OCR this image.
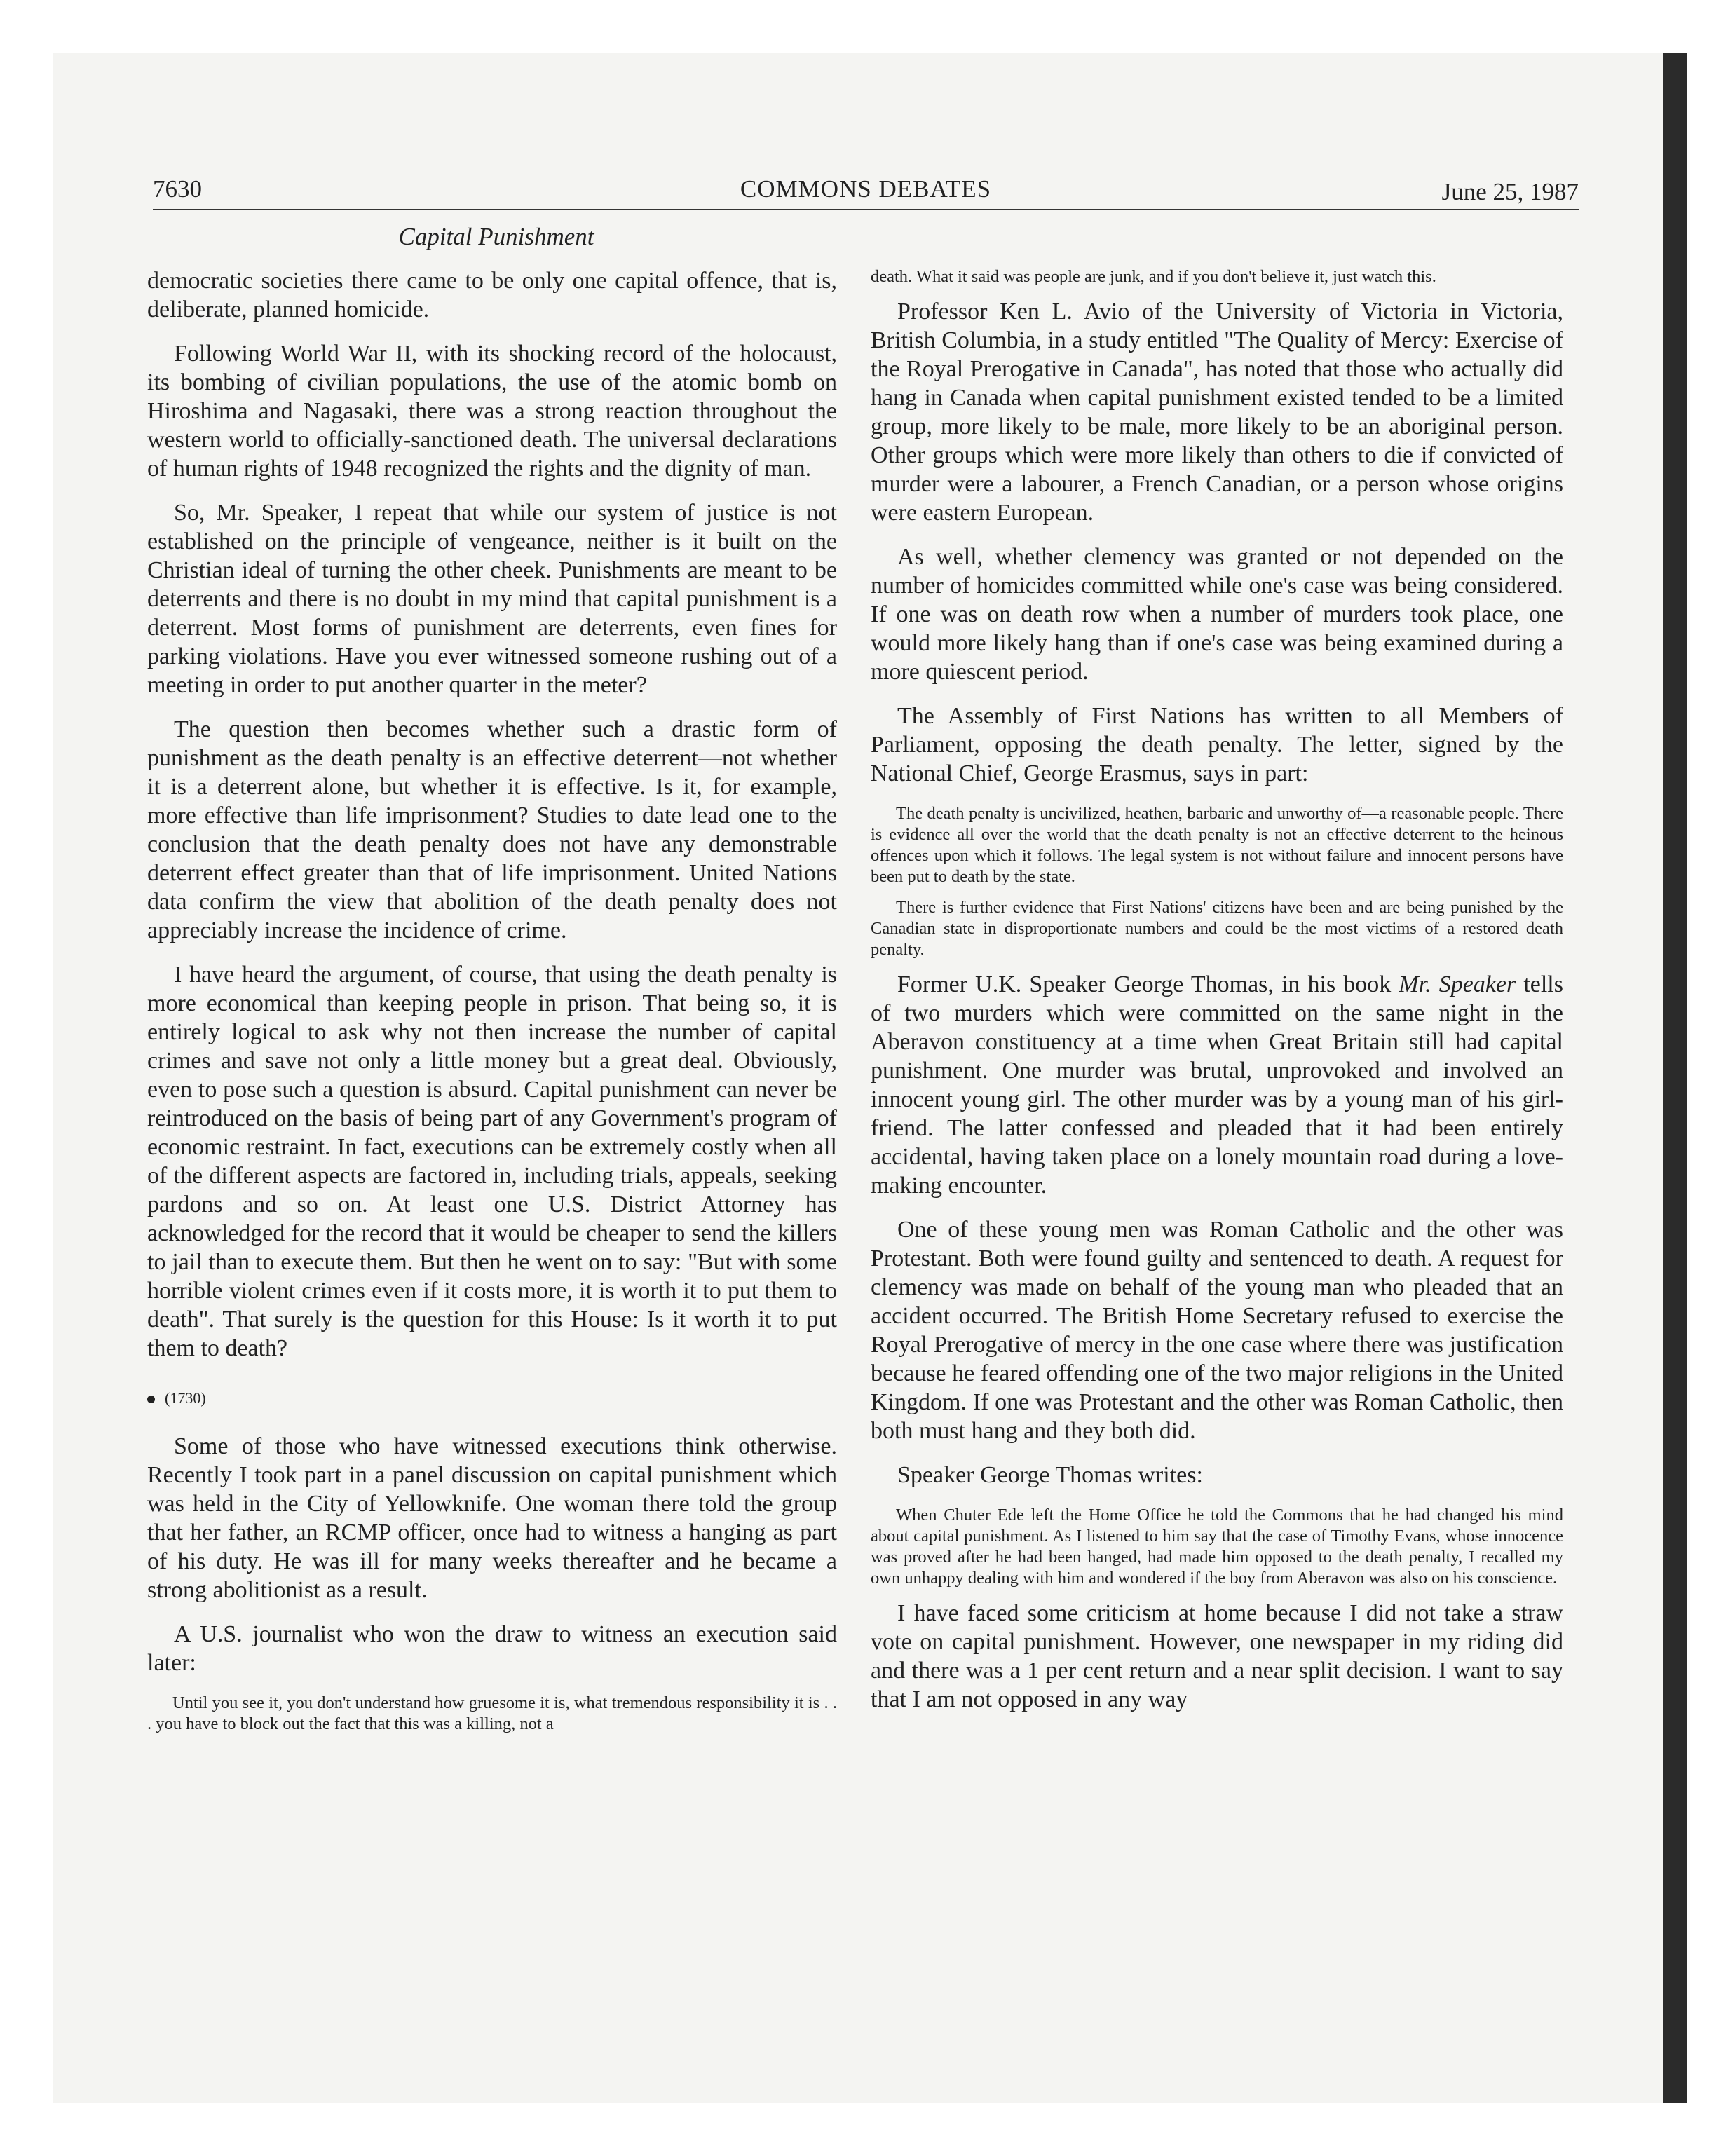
7630	COMMONS DEBATES	June 25, 1987
Capital Punishment

democratic societies there came to be only one capital offence, that is, deliberate, planned homicide.

Following World War II, with its shocking record of the holocaust, its bombing of civilian populations, the use of the atomic bomb on Hiroshima and Nagasaki, there was a strong reaction throughout the western world to officially-sanctioned death. The universal declarations of human rights of 1948 recognized the rights and the dignity of man.

So, Mr. Speaker, I repeat that while our system of justice is not established on the principle of vengeance, neither is it built on the Christian ideal of turning the other cheek. Punishments are meant to be deterrents and there is no doubt in my mind that capital punishment is a deterrent. Most forms of punishment are deterrents, even fines for parking violations. Have you ever witnessed someone rushing out of a meeting in order to put another quarter in the meter?

The question then becomes whether such a drastic form of punishment as the death penalty is an effective deterrent—not whether it is a deterrent alone, but whether it is effective. Is it, for example, more effective than life imprisonment? Studies to date lead one to the conclusion that the death penalty does not have any demonstrable deterrent effect greater than that of life imprisonment. United Nations data confirm the view that abolition of the death penalty does not appreciably increase the incidence of crime.

I have heard the argument, of course, that using the death penalty is more economical than keeping people in prison. That being so, it is entirely logical to ask why not then increase the number of capital crimes and save not only a little money but a great deal. Obviously, even to pose such a question is absurd. Capital punishment can never be reintroduced on the basis of being part of any Government's program of economic restraint. In fact, executions can be extremely costly when all of the different aspects are factored in, including trials, appeals, seeking pardons and so on. At least one U.S. District Attorney has acknowledged for the record that it would be cheaper to send the killers to jail than to execute them. But then he went on to say: "But with some horrible violent crimes even if it costs more, it is worth it to put them to death". That surely is the question for this House: Is it worth it to put them to death?

(1730)

Some of those who have witnessed executions think otherwise. Recently I took part in a panel discussion on capital punishment which was held in the City of Yellowknife. One woman there told the group that her father, an RCMP officer, once had to witness a hanging as part of his duty. He was ill for many weeks thereafter and he became a strong abolitionist as a result.

A U.S. journalist who won the draw to witness an execution said later:

Until you see it, you don't understand how gruesome it is, what tremendous responsibility it is . . . you have to block out the fact that this was a killing, not a

death. What it said was people are junk, and if you don't believe it, just watch this.

Professor Ken L. Avio of the University of Victoria in Victoria, British Columbia, in a study entitled "The Quality of Mercy: Exercise of the Royal Prerogative in Canada", has noted that those who actually did hang in Canada when capital punishment existed tended to be a limited group, more likely to be male, more likely to be an aboriginal person. Other groups which were more likely than others to die if convicted of murder were a labourer, a French Canadian, or a person whose origins were eastern European.

As well, whether clemency was granted or not depended on the number of homicides committed while one's case was being considered. If one was on death row when a number of murders took place, one would more likely hang than if one's case was being examined during a more quiescent period.

The Assembly of First Nations has written to all Members of Parliament, opposing the death penalty. The letter, signed by the National Chief, George Erasmus, says in part:

The death penalty is uncivilized, heathen, barbaric and unworthy of—a reasonable people. There is evidence all over the world that the death penalty is not an effective deterrent to the heinous offences upon which it follows. The legal system is not without failure and innocent persons have been put to death by the state.

There is further evidence that First Nations' citizens have been and are being punished by the Canadian state in disproportionate numbers and could be the most victims of a restored death penalty.

Former U.K. Speaker George Thomas, in his book Mr. Speaker tells of two murders which were committed on the same night in the Aberavon constituency at a time when Great Britain still had capital punishment. One murder was brutal, unprovoked and involved an innocent young girl. The other murder was by a young man of his girl-friend. The latter confessed and pleaded that it had been entirely accidental, having taken place on a lonely mountain road during a love-making encounter.

One of these young men was Roman Catholic and the other was Protestant. Both were found guilty and sentenced to death. A request for clemency was made on behalf of the young man who pleaded that an accident occurred. The British Home Secretary refused to exercise the Royal Prerogative of mercy in the one case where there was justification because he feared offending one of the two major religions in the United Kingdom. If one was Protestant and the other was Roman Catholic, then both must hang and they both did.

Speaker George Thomas writes:

When Chuter Ede left the Home Office he told the Commons that he had changed his mind about capital punishment. As I listened to him say that the case of Timothy Evans, whose innocence was proved after he had been hanged, had made him opposed to the death penalty, I recalled my own unhappy dealing with him and wondered if the boy from Aberavon was also on his conscience.

I have faced some criticism at home because I did not take a straw vote on capital punishment. However, one newspaper in my riding did and there was a 1 per cent return and a near split decision. I want to say that I am not opposed in any way
